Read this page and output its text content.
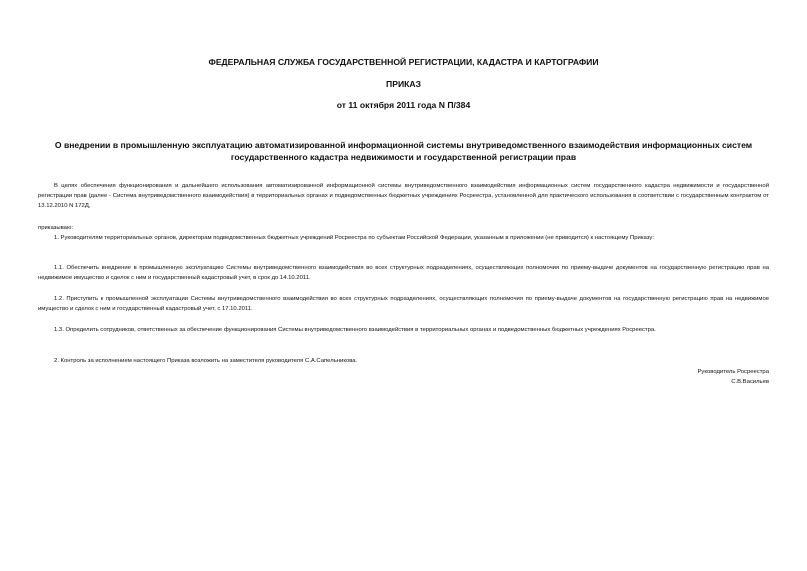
ФЕДЕРАЛЬНАЯ СЛУЖБА ГОСУДАРСТВЕННОЙ РЕГИСТРАЦИИ, КАДАСТРА И КАРТОГРАФИИ
ПРИКАЗ
от 11 октября 2011 года N П/384
О внедрении в промышленную эксплуатацию автоматизированной информационной системы внутриведомственного взаимодействия информационных систем государственного кадастра недвижимости и государственной регистрации прав
В целях обеспечения функционирования и дальнейшего использования автоматизированной информационной системы внутриведомственного взаимодействия информационных систем государственного кадастра недвижимости и государственной регистрации прав (далее - Система внутриведомственного взаимодействия) в территориальных органах и подведомственных бюджетных учреждениях Росреестра, установленной для практического использования в соответствии с государственным контрактом от 13.12.2010 N 172Д,
приказываю:
1. Руководителям территориальных органов, директорам подведомственных бюджетных учреждений Росреестра по субъектам Российской Федерации, указанным в приложении (не приводится) к настоящему Приказу:
1.1. Обеспечить внедрение в промышленную эксплуатацию Системы внутриведомственного взаимодействия во всех структурных подразделениях, осуществляющих полномочия по приему-выдаче документов на государственную регистрацию прав на недвижимое имущество и сделок с ним и государственный кадастровый учет, в срок до 14.10.2011.
1.2. Приступить к промышленной эксплуатации Системы внутриведомственного взаимодействия во всех структурных подразделениях, осуществляющих полномочия по приему-выдаче документов на государственную регистрацию прав на недвижимое имущество и сделок с ним и государственный кадастровый учет, с 17.10.2011.
1.3. Определить сотрудников, ответственных за обеспечение функционирования Системы внутриведомственного взаимодействия в территориальных органах и подведомственных бюджетных учреждениях Росреестра.
2. Контроль за исполнением настоящего Приказа возложить на заместителя руководителя С.А.Сапельникова.
Руководитель Росреестра
С.В.Васильев
